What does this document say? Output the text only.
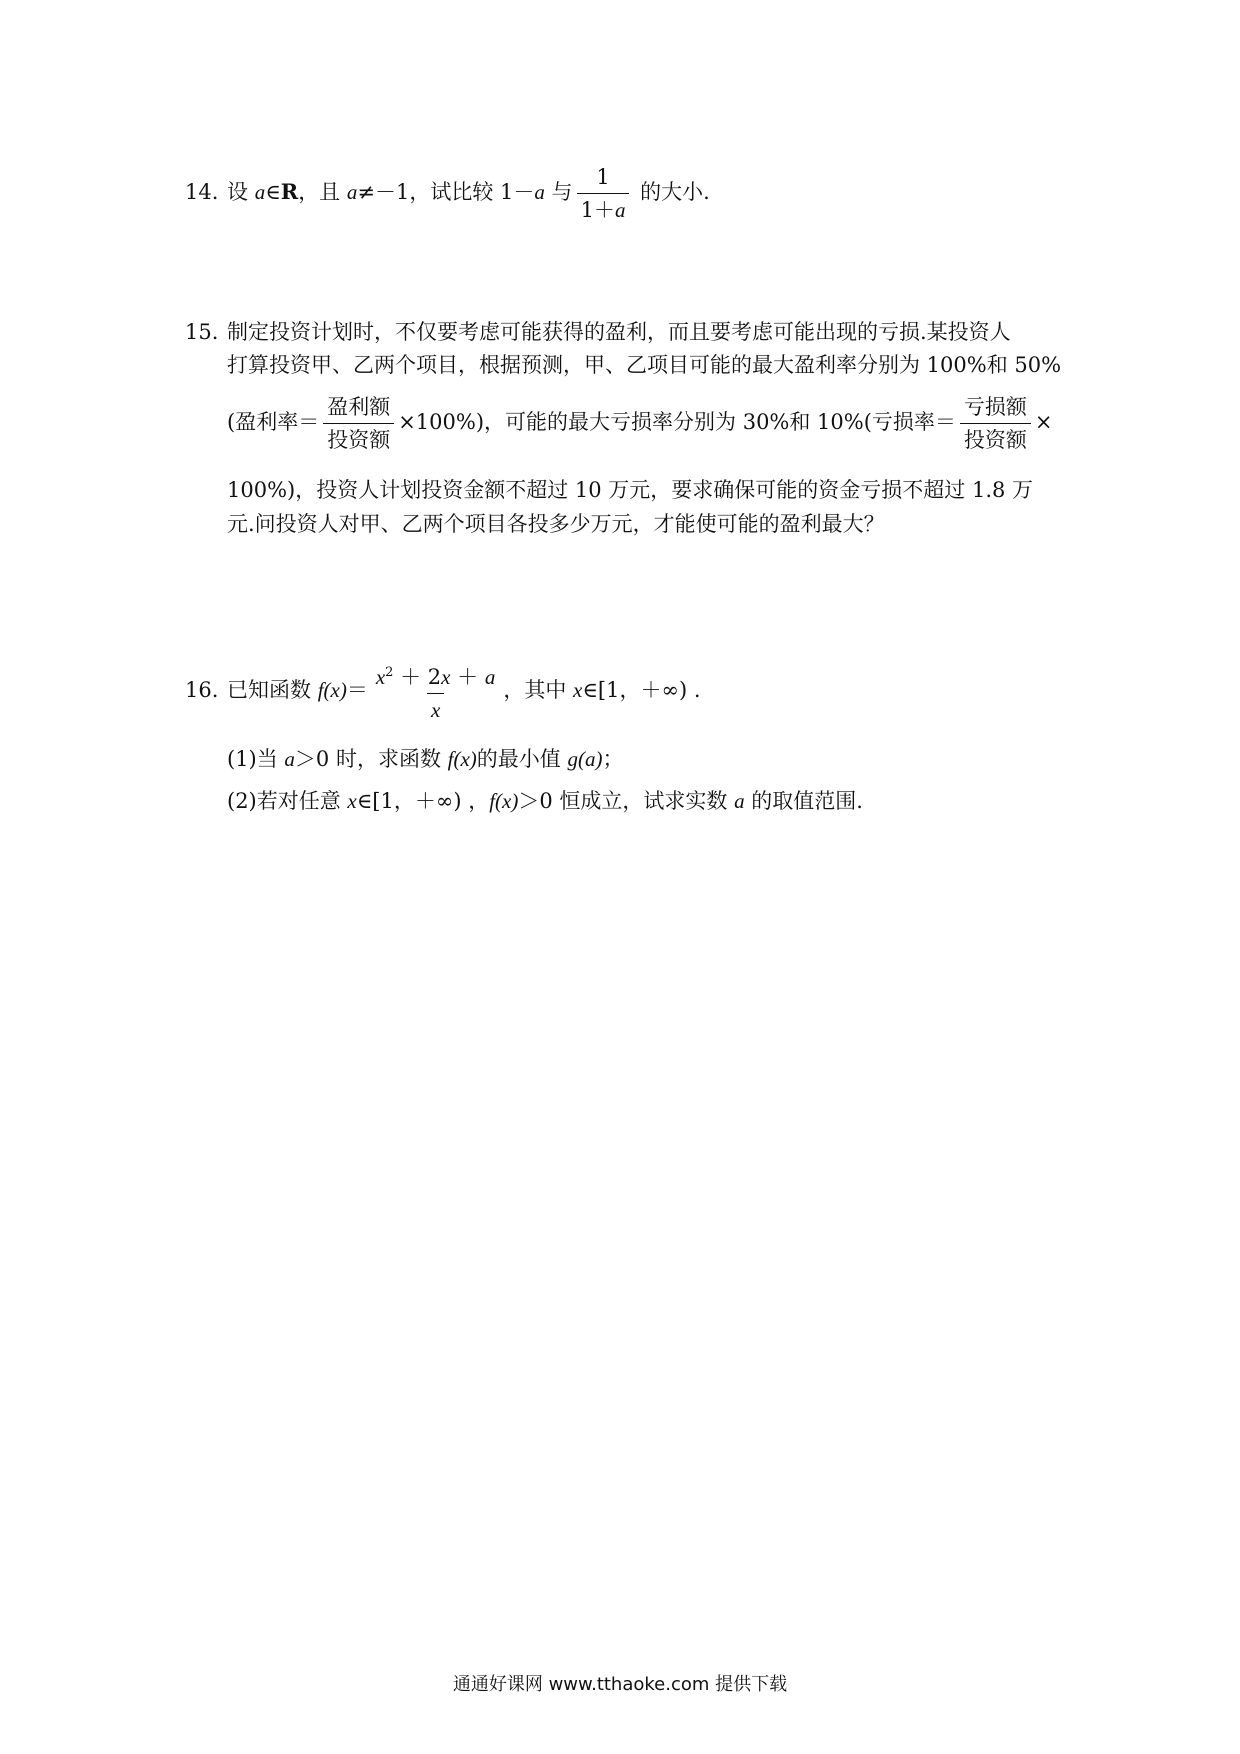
14. 设 a∈R，且 a≠－1，试比较 1－a 与 $\frac{1}{1+a}$ 的大小.
15. 制定投资计划时，不仅要考虑可能获得的盈利，而且要考虑可能出现的亏损.某投资人
打算投资甲、乙两个项目，根据预测，甲、乙项目可能的最大盈利率分别为 100%和 50%
(盈利率＝ $\frac{\text{盈利额}}{\text{投资额}} \times 100\%$)，可能的最大亏损率分别为 30%和 10%(亏损率＝ $\frac{\text{亏损额}}{\text{投资额}}$ ×
100%)，投资人计划投资金额不超过 10 万元，要求确保可能的资金亏损不超过 1.8 万
元.问投资人对甲、乙两个项目各投多少万元，才能使可能的盈利最大？
16. 已知函数 $f(x)= \frac{x^2 + 2x + a}{x}$ ，其中 x∈[1，＋∞) .
(1)当 a＞0 时，求函数 f(x)的最小值 g(a)；
(2)若对任意 x∈[1，＋∞) ，f(x)＞0 恒成立，试求实数 a 的取值范围.
通通好课网 www.tthaoke.com 提供下载
